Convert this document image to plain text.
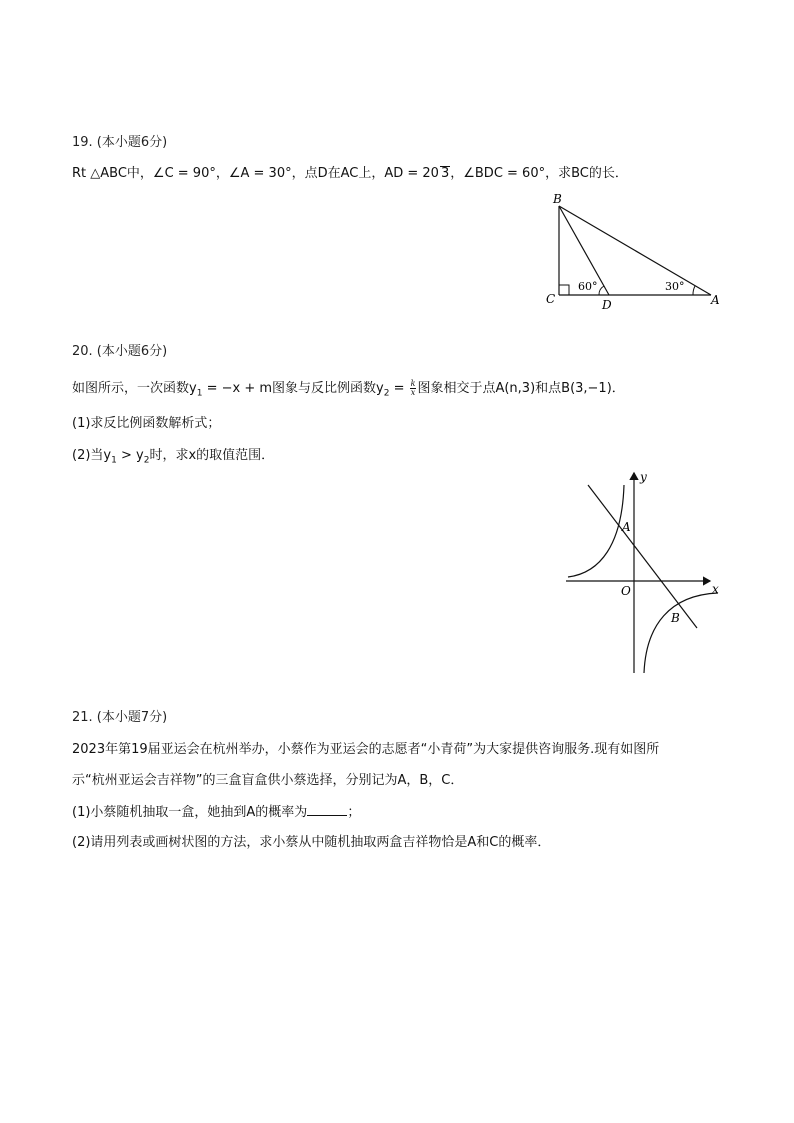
19. (本小题6分)
Rt △ABC中，∠C = 90°，∠A = 30°，点D在AC上，AD = 20 3，∠BDC = 60°，求BC的长．
B
C	D	A
60°	30°
20. (本小题6分)
如图所示，一次函数$y_1 = -x + m$图象与反比例函数$y_2 = \frac{k}{x}$ 图象相交于点A(n,3)和点B(3,−1)．
(1)求反比例函数解析式；
(2)当$y_1 > y_2$时，求x的取值范围．
y
x
O
A
B
21. (本小题7分)
2023年第19届亚运会在杭州举办，小蔡作为亚运会的志愿者“小青荷”为大家提供咨询服务.现有如图所
示“杭州亚运会吉祥物”的三盒盲盒供小蔡选择，分别记为A，B，C．
(1)小蔡随机抽取一盒，她抽到A的概率为	；
(2)请用列表或画树状图的方法，求小蔡从中随机抽取两盒吉祥物恰是A和C的概率．
